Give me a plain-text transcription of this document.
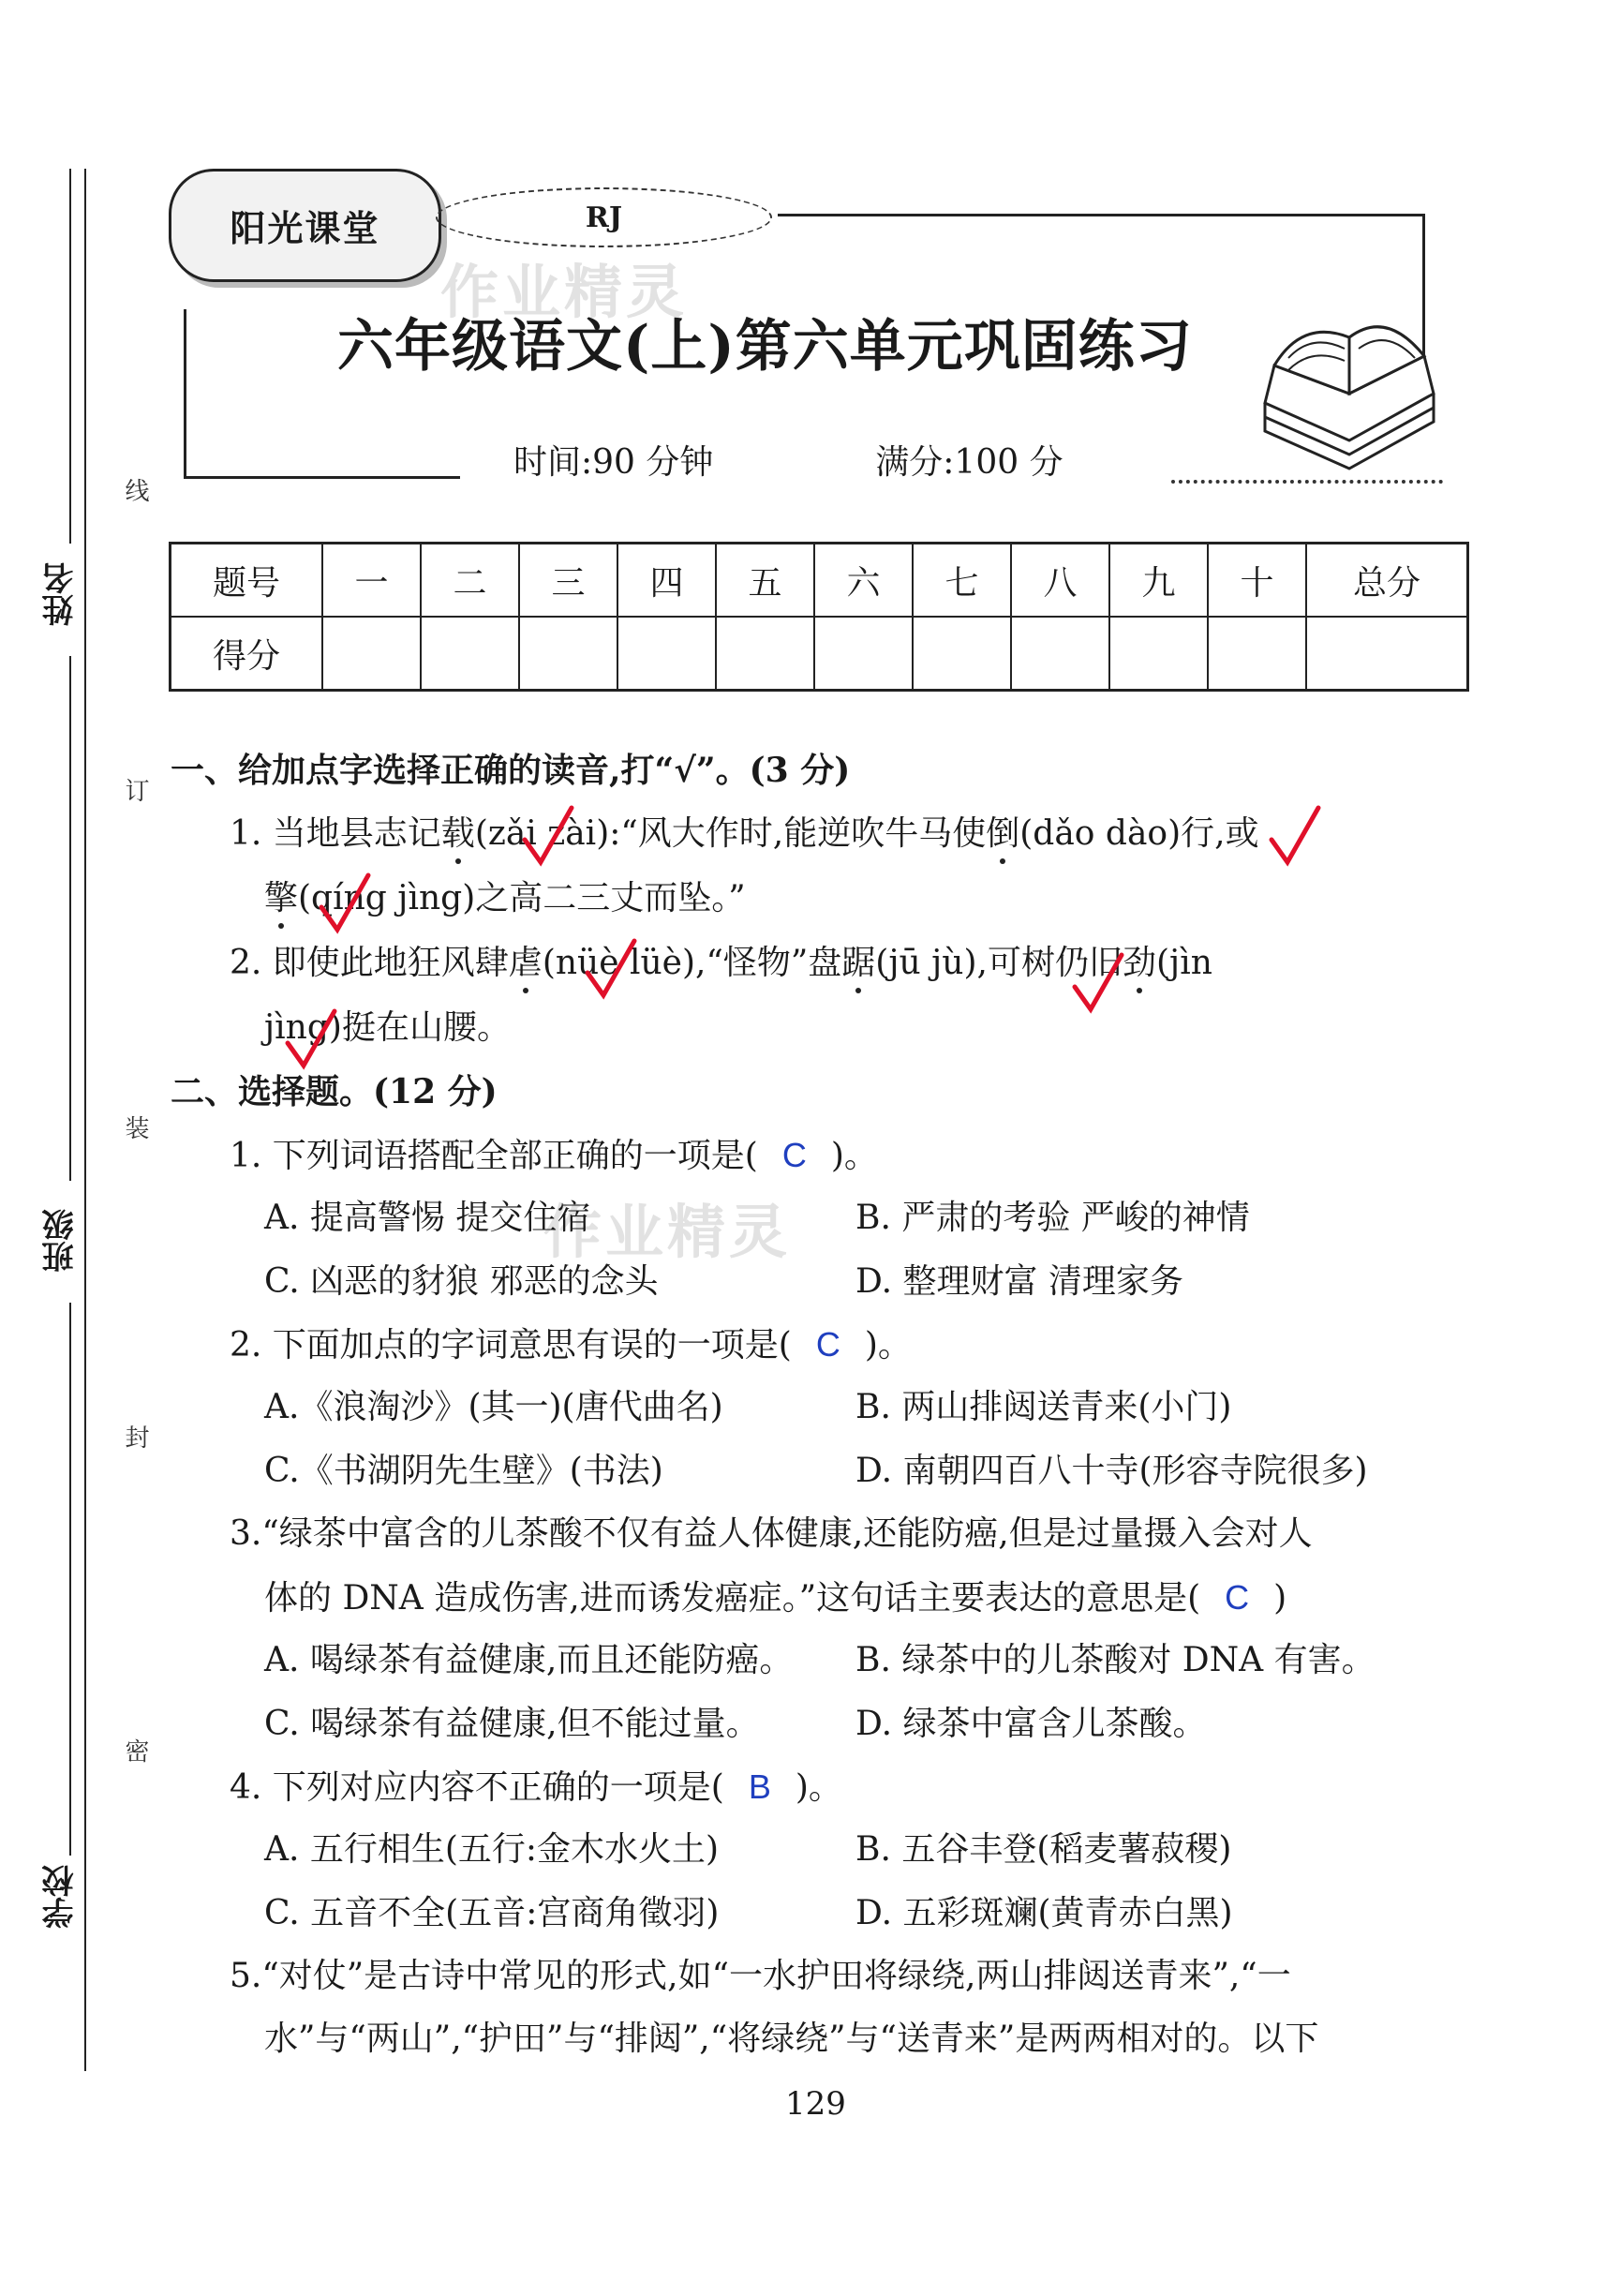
姓名
班级
学校
线
订
装
封
密
阳光课堂	RJ
作业精灵
六年级语文(上)第六单元巩固练习
时间:90 分钟	满分:100 分
题号	一	二	三	四	五	六	七	八	九	十	总分
得分											
一、给加点字选择正确的读音,打“√”。(3 分)
1. 当地县志记载(zǎi zài):“风大作时,能逆吹牛马使倒(dǎo dào)行,或
擎(qíng jìng)之高二三丈而坠。”
2. 即使此地狂风肆虐(nüè lüè),“怪物”盘踞(jū jù),可树仍旧劲(jìn
jìng)挺在山腰。
二、选择题。(12 分)
1. 下列词语搭配全部正确的一项是( C )。
作业精灵
A. 提高警惕 提交住宿	B. 严肃的考验 严峻的神情
C. 凶恶的豺狼 邪恶的念头	D. 整理财富 清理家务
2. 下面加点的字词意思有误的一项是( C )。
A.《浪淘沙》(其一)(唐代曲名)	B. 两山排闼送青来(小门)
C.《书湖阴先生壁》(书法)	D. 南朝四百八十寺(形容寺院很多)
3.“绿茶中富含的儿茶酸不仅有益人体健康,还能防癌,但是过量摄入会对人
体的 DNA 造成伤害,进而诱发癌症。”这句话主要表达的意思是( C )
A. 喝绿茶有益健康,而且还能防癌。 B. 绿茶中的儿茶酸对 DNA 有害。
C. 喝绿茶有益健康,但不能过量。	D. 绿茶中富含儿茶酸。
4. 下列对应内容不正确的一项是( B )。
A. 五行相生(五行:金木水火土)	B. 五谷丰登(稻麦薯菽稷)
C. 五音不全(五音:宫商角徵羽)	D. 五彩斑斓(黄青赤白黑)
5.“对仗”是古诗中常见的形式,如“一水护田将绿绕,两山排闼送青来”,“一
水”与“两山”,“护田”与“排闼”,“将绿绕”与“送青来”是两两相对的。以下
129
